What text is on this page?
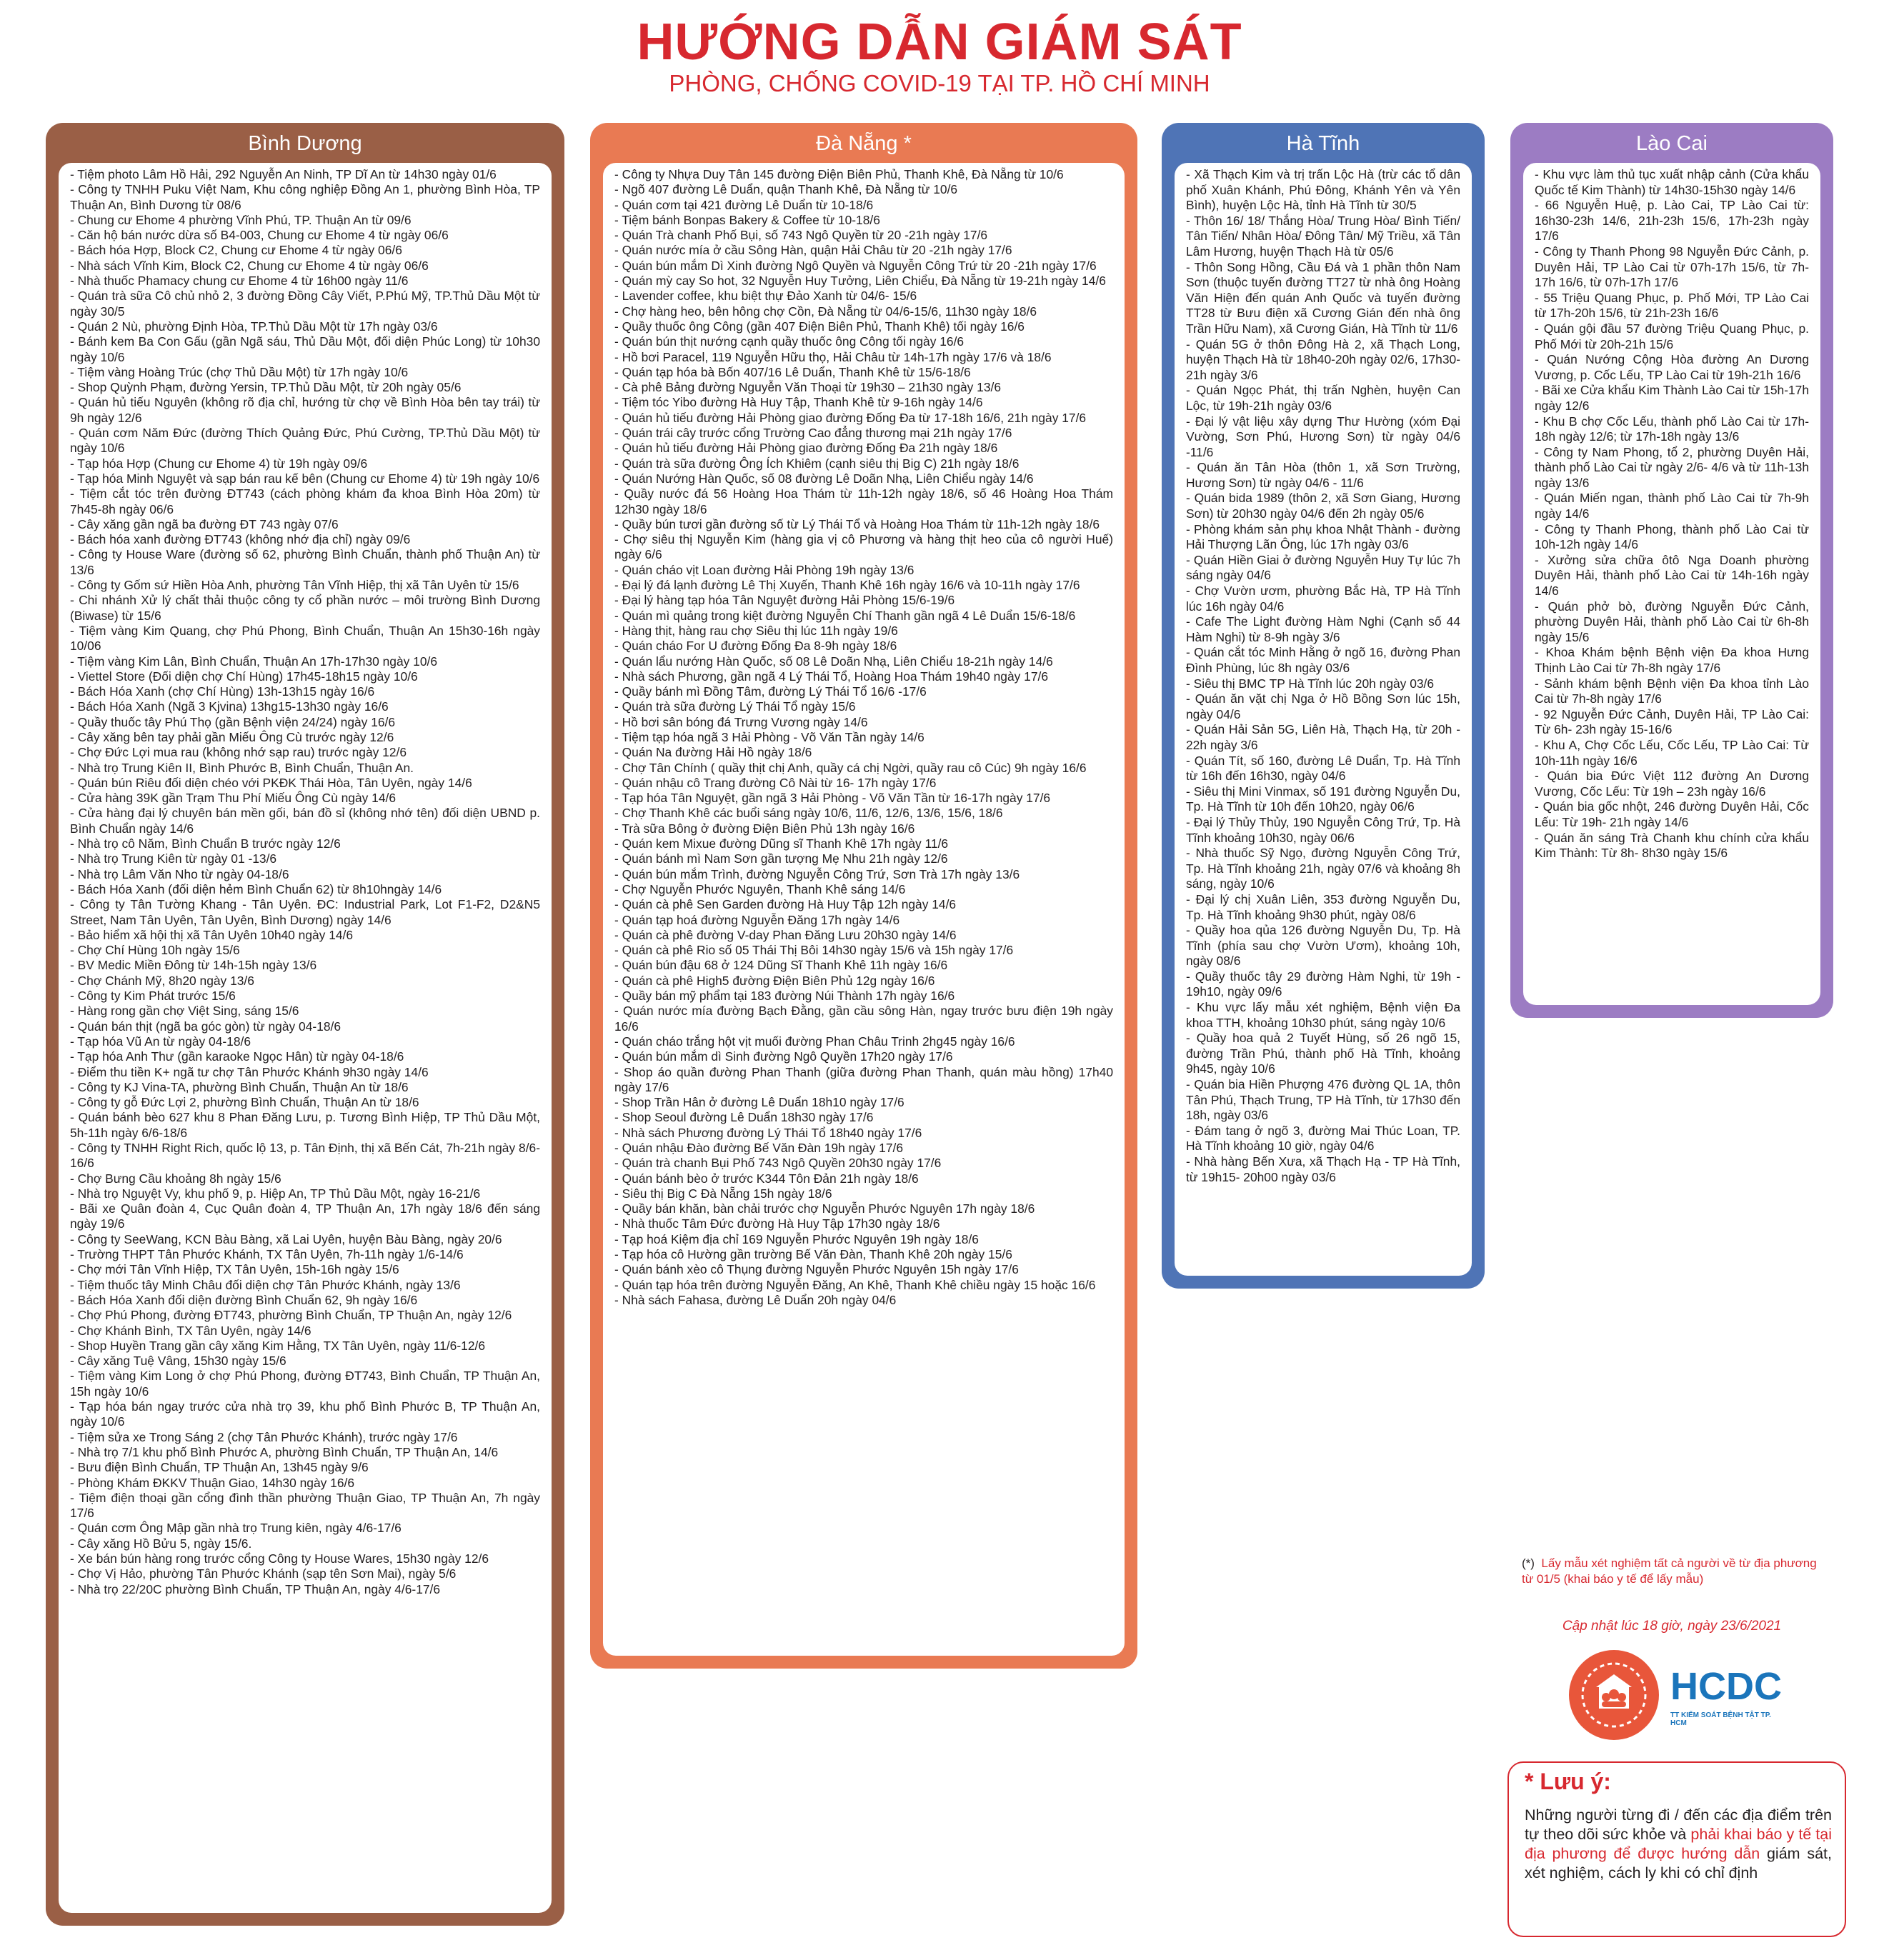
HƯỚNG DẪN GIÁM SÁT
PHÒNG, CHỐNG COVID-19 TẠI TP. HỒ CHÍ MINH
Bình Dương
- Tiệm photo Lâm Hồ Hải, 292 Nguyễn An Ninh, TP Dĩ An từ 14h30 ngày 01/6
- Công ty TNHH Puku Việt Nam, Khu công nghiệp Đồng An 1, phường Bình Hòa, TP Thuận An, Bình Dương từ 08/6
- Chung cư Ehome 4 phường Vĩnh Phú, TP. Thuận An từ 09/6
- Căn hộ bán nước dừa số B4-003, Chung cư Ehome 4 từ ngày 06/6
- Bách hóa Hợp, Block C2, Chung cư Ehome 4 từ ngày 06/6
- Nhà sách Vĩnh Kim, Block C2, Chung cư Ehome 4 từ ngày 06/6
- Nhà thuốc Phamacy chung cư Ehome 4 từ 16h00 ngày 11/6
- Quán trà sữa Cô chủ nhỏ 2, 3 đường Đồng Cây Viết, P.Phú Mỹ, TP.Thủ Dầu Một từ ngày 30/5
- Quán 2 Nù, phường Định Hòa, TP.Thủ Dầu Một từ 17h ngày 03/6
- Bánh kem Ba Con Gấu (gần Ngã sáu, Thủ Dầu Một, đối diện Phúc Long) từ 10h30 ngày 10/6
- Tiệm vàng Hoàng Trúc (chợ Thủ Dầu Một) từ 17h ngày 10/6
- Shop Quỳnh Phạm, đường Yersin, TP.Thủ Dầu Một, từ 20h ngày 05/6
- Quán hủ tiếu Nguyên (không rõ địa chỉ, hướng từ chợ về Bình Hòa bên tay trái) từ 9h ngày 12/6
- Quán cơm Năm Đức (đường Thích Quảng Đức, Phú Cường, TP.Thủ Dầu Một) từ ngày 10/6
- Tạp hóa Hợp (Chung cư Ehome 4) từ 19h ngày 09/6
- Tạp hóa Minh Nguyệt và sạp bán rau kế bên (Chung cư Ehome 4) từ 19h ngày 10/6
- Tiệm cắt tóc trên đường ĐT743 (cách phòng khám đa khoa Bình Hòa 20m) từ 7h45-8h ngày 06/6
- Cây xăng gần ngã ba đường ĐT 743 ngày 07/6
- Bách hóa xanh đường ĐT743 (không nhớ địa chỉ) ngày 09/6
- Công ty House Ware (đường số 62, phường Bình Chuẩn, thành phố Thuận An) từ 13/6
- Công ty Gốm sứ Hiền Hòa Anh, phường Tân Vĩnh Hiệp, thị xã Tân Uyên từ 15/6
- Chi nhánh Xử lý chất thải thuộc công ty cổ phần nước – môi trường Bình Dương (Biwase) từ 15/6
- Tiệm vàng Kim Quang, chợ Phú Phong, Bình Chuẩn, Thuận An 15h30-16h ngày 10/06
- Tiệm vàng Kim Lân, Bình Chuẩn, Thuận An 17h-17h30 ngày 10/6
- Viettel Store (Đối diện chợ Chí Hùng) 17h45-18h15 ngày 10/6
- Bách Hóa Xanh (chợ Chí Hùng) 13h-13h15 ngày 16/6
- Bách Hóa Xanh (Ngã 3 Kjvina) 13hg15-13h30 ngày 16/6
- Quầy thuốc tây Phú Thọ (gần Bệnh viện 24/24) ngày 16/6
- Cây xăng bên tay phải gần Miếu Ông Cù trước ngày 12/6
- Chợ Đức Lợi mua rau (không nhớ sạp rau) trước ngày 12/6
- Nhà trọ Trung Kiên II, Bình Phước B, Bình Chuẩn, Thuận An.
- Quán bún Riêu đối diện chéo với PKĐK Thái Hòa, Tân Uyên, ngày 14/6
- Cửa hàng 39K gần Trạm Thu Phí Miếu Ông Cù ngày 14/6
- Cửa hàng đại lý chuyên bán mền gối, bán đồ sỉ (không nhớ tên) đối diện UBND p. Bình Chuẩn ngày 14/6
- Nhà trọ cô Năm, Bình Chuẩn B trước ngày 12/6
- Nhà trọ Trung Kiên từ ngày 01 -13/6
- Nhà trọ Lâm Văn Nho từ ngày 04-18/6
- Bách Hóa Xanh (đối diện hẻm Bình Chuẩn 62) từ 8h10hngày 14/6
- Công ty Tân Tường Khang - Tân Uyên. ĐC: Industrial Park, Lot F1-F2, D2&N5 Street, Nam Tân Uyên, Tân Uyên, Bình Dương) ngày 14/6
- Bảo hiểm xã hội thị xã Tân Uyên 10h40 ngày 14/6
- Chợ Chí Hùng 10h ngày 15/6
- BV Medic Miền Đông từ 14h-15h ngày 13/6
- Chợ Chánh Mỹ, 8h20 ngày 13/6
- Công ty Kim Phát trước 15/6
- Hàng rong gần chợ Việt Sing, sáng 15/6
- Quán bán thịt (ngã ba góc gòn) từ ngày 04-18/6
- Tạp hóa Vũ An từ ngày 04-18/6
- Tạp hóa Anh Thư (gần karaoke Ngọc Hân) từ ngày 04-18/6
- Điểm thu tiền K+ ngã tư chợ Tân Phước Khánh 9h30 ngày 14/6
- Công ty KJ Vina-TA, phường Bình Chuẩn, Thuận An từ 18/6
- Công ty gỗ Đức Lợi 2, phường Bình Chuẩn, Thuận An từ 18/6
- Quán bánh bèo 627 khu 8 Phan Đăng Lưu, p. Tương Bình Hiệp, TP Thủ Dầu Một, 5h-11h ngày 6/6-18/6
- Công ty TNHH Right Rich, quốc lộ 13, p. Tân Định, thị xã Bến Cát, 7h-21h ngày 8/6-16/6
- Chợ Bưng Cầu khoảng 8h ngày 15/6
- Nhà trọ Nguyệt Vy, khu phố 9, p. Hiệp An, TP Thủ Dầu Một, ngày 16-21/6
- Bãi xe Quân đoàn 4, Cục Quân đoàn 4, TP Thuận An, 17h ngày 18/6 đến sáng ngày 19/6
- Công ty SeeWang, KCN Bàu Bàng, xã Lai Uyên, huyện Bàu Bàng, ngày 20/6
- Trường THPT Tân Phước Khánh, TX Tân Uyên, 7h-11h ngày 1/6-14/6
- Chợ mới Tân Vĩnh Hiệp, TX Tân Uyên, 15h-16h ngày 15/6
- Tiệm thuốc tây Minh Châu đối diện chợ Tân Phước Khánh, ngày 13/6
- Bách Hóa Xanh đối diện đường Bình Chuẩn 62, 9h ngày 16/6
- Chợ Phú Phong, đường ĐT743, phường Bình Chuẩn, TP Thuận An, ngày 12/6
- Chợ Khánh Bình, TX Tân Uyên, ngày 14/6
- Shop Huyền Trang gần cây xăng Kim Hằng, TX Tân Uyên, ngày 11/6-12/6
- Cây xăng Tuệ Vâng, 15h30 ngày 15/6
- Tiệm vàng Kim Long ở chợ Phú Phong, đường ĐT743, Bình Chuẩn, TP Thuận An, 15h ngày 10/6
- Tạp hóa bán ngay trước cửa nhà trọ 39, khu phố Bình Phước B, TP Thuận An, ngày 10/6
- Tiệm sửa xe Trong Sáng 2 (chợ Tân Phước Khánh), trước ngày 17/6
- Nhà trọ 7/1 khu phố Bình Phước A, phường Bình Chuẩn, TP Thuận An, 14/6
- Bưu điện Bình Chuẩn, TP Thuận An, 13h45 ngày 9/6
- Phòng Khám ĐKKV Thuận Giao, 14h30 ngày 16/6
- Tiệm điện thoại gần cổng đình thần phường Thuận Giao, TP Thuận An, 7h ngày 17/6
- Quán cơm Ông Mập gần nhà trọ Trung kiên, ngày 4/6-17/6
- Cây xăng Hồ Bửu 5, ngày 15/6.
- Xe bán bún hàng rong trước cổng Công ty House Wares, 15h30 ngày 12/6
- Chợ Vị Hảo, phường Tân Phước Khánh (sạp tên Sơn Mai), ngày 5/6
- Nhà trọ 22/20C phường Bình Chuẩn, TP Thuận An, ngày 4/6-17/6
Đà Nẵng *
- Công ty Nhựa Duy Tân 145 đường Điện Biên Phủ, Thanh Khê, Đà Nẵng từ 10/6
- Ngõ 407 đường Lê Duẩn, quận Thanh Khê, Đà Nẵng từ 10/6
- Quán cơm tại 421 đường Lê Duẩn từ 10-18/6
- Tiệm bánh Bonpas Bakery & Coffee từ 10-18/6
- Quán Trà chanh Phố Bụi, số 743 Ngô Quyền từ 20 -21h ngày 17/6
- Quán nước mía ở cầu Sông Hàn, quận Hải Châu từ 20 -21h ngày 17/6
- Quán bún mắm Dì Xinh đường Ngô Quyền và Nguyễn Công Trứ từ 20 -21h ngày 17/6
- Quán mỳ cay So hot, 32 Nguyễn Huy Tưởng, Liên Chiểu, Đà Nẵng từ 19-21h ngày 14/6
- Lavender coffee, khu biệt thự Đảo Xanh từ 04/6- 15/6
- Chợ hàng heo, bên hông chợ Cồn, Đà Nẵng từ 04/6-15/6, 11h30 ngày 18/6
- Quầy thuốc ông Công (gần 407 Điện Biên Phủ, Thanh Khê) tối ngày 16/6
- Quán bún thịt nướng cạnh quầy thuốc ông Công tối ngày 16/6
- Hồ bơi Paracel, 119 Nguyễn Hữu thọ, Hải Châu từ 14h-17h ngày 17/6 và 18/6
- Quán tạp hóa bà Bốn 407/16 Lê Duẩn, Thanh Khê từ 15/6-18/6
- Cà phê Bảng đường Nguyễn Văn Thoại từ 19h30 – 21h30 ngày 13/6
- Tiệm tóc Yibo đường Hà Huy Tập, Thanh Khê từ 9-16h ngày 14/6
- Quán hủ tiếu đường Hải Phòng giao đường Đống Đa từ 17-18h 16/6, 21h ngày 17/6
- Quán trái cây trước cổng Trường Cao đẳng thương mại 21h ngày 17/6
- Quán hủ tiếu đường Hải Phòng giao đường Đống Đa 21h ngày 18/6
- Quán trà sữa đường Ông Ích Khiêm (cạnh siêu thị Big C) 21h ngày 18/6
- Quán Nướng Hàn Quốc, số 08 đường Lê Doãn Nhạ, Liên Chiểu ngày 14/6
- Quầy nước đá 56 Hoàng Hoa Thám từ 11h-12h ngày 18/6, số 46 Hoàng Hoa Thám 12h30 ngày 18/6
- Quầy bún tươi gần đường số từ Lý Thái Tổ và Hoàng Hoa Thám từ 11h-12h ngày 18/6
- Chợ siêu thị Nguyễn Kim (hàng gia vị cô Phương và hàng thịt heo của cô người Huế) ngày 6/6
- Quán cháo vịt Loan đường Hải Phòng 19h ngày 13/6
- Đại lý đá lạnh đường Lê Thị Xuyến, Thanh Khê 16h ngày 16/6 và 10-11h ngày 17/6
- Đại lý hàng tạp hóa Tân Nguyệt đường Hải Phòng 15/6-19/6
- Quán mì quảng trong kiệt đường Nguyễn Chí Thanh gần ngã 4 Lê Duẩn 15/6-18/6
- Hàng thịt, hàng rau chợ Siêu thị lúc 11h ngày 19/6
- Quán cháo For U đường Đống Đa 8-9h ngày 18/6
- Quán lẩu nướng Hàn Quốc, số 08 Lê Doãn Nhạ, Liên Chiểu 18-21h ngày 14/6
- Nhà sách Phương, gần ngã 4 Lý Thái Tổ, Hoàng Hoa Thám 19h40 ngày 17/6
- Quầy bánh mì Đồng Tâm, đường Lý Thái Tổ 16/6 -17/6
- Quán trà sữa đường Lý Thái Tổ ngày 15/6
- Hồ bơi sân bóng đá Trưng Vương ngày 14/6
- Tiệm tạp hóa ngã 3 Hải Phòng - Võ Văn Tần ngày 14/6
- Quán Na đường Hải Hồ ngày 18/6
- Chợ Tân Chính ( quầy thịt chị Anh, quầy cá chị Ngời, quầy rau cô Cúc) 9h ngày 16/6
- Quán nhậu cô Trang đường Cô Nài từ 16- 17h ngày 17/6
- Tạp hóa Tân Nguyệt, gần ngã 3 Hải Phòng - Võ Văn Tần từ 16-17h ngày 17/6
- Chợ Thanh Khê các buổi sáng ngày 10/6, 11/6, 12/6, 13/6, 15/6, 18/6
- Trà sữa Bông ở đường Điện Biên Phủ 13h ngày 16/6
- Quán kem Mixue đường Dũng sĩ Thanh Khê 17h ngày 11/6
- Quán bánh mì Nam Sơn gần tượng Mẹ Nhu 21h ngày 12/6
- Quán bún mắm Trình, đường Nguyễn Công Trứ, Sơn Trà 17h ngày 13/6
- Chợ Nguyễn Phước Nguyên, Thanh Khê sáng 14/6
- Quán cà phê Sen Garden đường Hà Huy Tập 12h ngày 14/6
- Quán tạp hoá đường Nguyễn Đăng 17h ngày 14/6
- Quán cà phê đường V-day Phan Đăng Lưu 20h30 ngày 14/6
- Quán cà phê Rio số 05 Thái Thị Bôi 14h30 ngày 15/6 và 15h ngày 17/6
- Quán bún đậu 68 ở 124 Dũng Sĩ Thanh Khê 11h ngày 16/6
- Quán cà phê High5 đường Điện Biên Phủ 12g ngày 16/6
- Quầy bán mỹ phẩm tại 183 đường Núi Thành 17h ngày 16/6
- Quán nước mía đường Bạch Đằng, gần cầu sông Hàn, ngay trước bưu điện 19h ngày 16/6
- Quán cháo trắng hột vịt muối đường Phan Châu Trinh 2hg45 ngày 16/6
- Quán bún mắm dì Sinh đường Ngô Quyền 17h20 ngày 17/6
- Shop áo quần đường Phan Thanh (giữa đường Phan Thanh, quán màu hồng) 17h40 ngày 17/6
- Shop Trần Hân ở đường Lê Duẩn 18h10 ngày 17/6
- Shop Seoul đường Lê Duẩn 18h30 ngày 17/6
- Nhà sách Phương đường Lý Thái Tổ 18h40 ngày 17/6
- Quán nhậu Đào đường Bế Văn Đàn 19h ngày 17/6
- Quán trà chanh Bụi Phố 743 Ngô Quyền 20h30 ngày 17/6
- Quán bánh bèo ở trước K344 Tôn Đản 21h ngày 18/6
- Siêu thị Big C Đà Nẵng 15h ngày 18/6
- Quầy bán khăn, bàn chải trước chợ Nguyễn Phước Nguyên 17h ngày 18/6
- Nhà thuốc Tâm Đức đường Hà Huy Tập 17h30 ngày 18/6
- Tạp hoá Kiệm địa chỉ 169 Nguyễn Phước Nguyên 19h ngày 18/6
- Tạp hóa cô Hường gần trường Bế Văn Đàn, Thanh Khê 20h ngày 15/6
- Quán bánh xèo cô Thụng đường Nguyễn Phước Nguyên 15h ngày 17/6
- Quán tạp hóa trên đường Nguyễn Đăng, An Khê, Thanh Khê chiều ngày 15 hoặc 16/6
- Nhà sách Fahasa, đường Lê Duẩn 20h ngày 04/6
Hà Tĩnh
- Xã Thạch Kim và trị trấn Lộc Hà (trừ các tổ dân phố Xuân Khánh, Phú Đông, Khánh Yên và Yên Bình), huyện Lộc Hà, tỉnh Hà Tĩnh từ 30/5
- Thôn 16/ 18/ Thắng Hòa/ Trung Hòa/ Bình Tiến/ Tân Tiến/ Nhân Hòa/ Đông Tân/ Mỹ Triều, xã Tân Lâm Hương, huyện Thạch Hà từ 05/6
- Thôn Song Hồng, Cầu Đá và 1 phần thôn Nam Sơn (thuộc tuyến đường TT27 từ nhà ông Hoàng Văn Hiện đến quán Anh Quốc và tuyến đường TT28 từ Bưu điện xã Cương Gián đến nhà ông Trần Hữu Nam), xã Cương Gián, Hà Tĩnh từ 11/6
- Quán 5G ở thôn Đông Hà 2, xã Thạch Long, huyện Thạch Hà từ 18h40-20h ngày 02/6, 17h30- 21h ngày 3/6
- Quán Ngọc Phát, thị trấn Nghèn, huyện Can Lộc, từ 19h-21h ngày 03/6
- Đại lý vật liệu xây dựng Thư Hường (xóm Đại Vường, Sơn Phú, Hương Sơn) từ ngày 04/6 -11/6
- Quán ăn Tân Hòa (thôn 1, xã Sơn Trường, Hương Sơn) từ ngày 04/6 - 11/6
- Quán bida 1989 (thôn 2, xã Sơn Giang, Hương Sơn) từ 20h30 ngày 04/6 đến 2h ngày 05/6
- Phòng khám sản phụ khoa Nhật Thành - đường Hải Thượng Lãn Ông, lúc 17h ngày 03/6
- Quán Hiền Giai ở đường Nguyễn Huy Tự lúc 7h sáng ngày 04/6
- Chợ Vườn ươm, phường Bắc Hà, TP Hà Tĩnh lúc 16h ngày 04/6
- Cafe The Light đường Hàm Nghi (Cạnh số 44 Hàm Nghi) từ 8-9h ngày 3/6
- Quán cắt tóc Minh Hằng ở ngõ 16, đường Phan Đình Phùng, lúc 8h ngày 03/6
- Siêu thị BMC TP Hà Tĩnh lúc 20h ngày 03/6
- Quán ăn vặt chị Nga ở Hồ Bồng Sơn lúc 15h, ngày 04/6
- Quán Hải Sản 5G, Liên Hà, Thạch Hạ, từ 20h - 22h ngày 3/6
- Quán Tít, số 160, đường Lê Duẩn, Tp. Hà Tĩnh từ 16h đến 16h30, ngày 04/6
- Siêu thị Mini Vinmax, số 191 đường Nguyễn Du, Tp. Hà Tĩnh từ 10h đến 10h20, ngày 06/6
- Đại lý Thủy Thủy, 190 Nguyễn Công Trứ, Tp. Hà Tĩnh khoảng 10h30, ngày 06/6
- Nhà thuốc Sỹ Ngọ, đường Nguyễn Công Trứ, Tp. Hà Tĩnh khoảng 21h, ngày 07/6 và khoảng 8h sáng, ngày 10/6
- Đại lý chị Xuân Liên, 353 đường Nguyễn Du, Tp. Hà Tĩnh khoảng 9h30 phút, ngày 08/6
- Quầy hoa qủa 126 đường Nguyễn Du, Tp. Hà Tĩnh (phía sau chợ Vườn Ươm), khoảng 10h, ngày 08/6
- Quầy thuốc tây 29 đường Hàm Nghi, từ 19h - 19h10, ngày 09/6
- Khu vực lấy mẫu xét nghiệm, Bệnh viện Đa khoa TTH, khoảng 10h30 phút, sáng ngày 10/6
- Quầy hoa quả 2 Tuyết Hùng, số 26 ngõ 15, đường Trần Phú, thành phố Hà Tĩnh, khoảng 9h45, ngày 10/6
- Quán bia Hiền Phượng 476 đường QL 1A, thôn Tân Phú, Thạch Trung, TP Hà Tĩnh, từ 17h30 đến 18h, ngày 03/6
- Đám tang ở ngõ 3, đường Mai Thúc Loan, TP. Hà Tĩnh khoảng 10 giờ, ngày 04/6
- Nhà hàng Bến Xưa, xã Thạch Hạ - TP Hà Tĩnh, từ 19h15- 20h00 ngày 03/6
Lào Cai
- Khu vực làm thủ tục xuất nhập cảnh (Cửa khẩu Quốc tế Kim Thành) từ 14h30-15h30 ngày 14/6
- 66 Nguyễn Huệ, p. Lào Cai, TP Lào Cai từ: 16h30-23h 14/6, 21h-23h 15/6, 17h-23h ngày 17/6
- Công ty Thanh Phong 98 Nguyễn Đức Cảnh, p. Duyên Hải, TP Lào Cai từ 07h-17h 15/6, từ 7h-17h 16/6, từ 07h-17h 17/6
- 55 Triệu Quang Phục, p. Phố Mới, TP Lào Cai từ 17h-20h 15/6, từ 21h-23h 16/6
- Quán gội đầu 57 đường Triệu Quang Phục, p. Phố Mới từ 20h-21h 15/6
- Quán Nướng Cộng Hòa đường An Dương Vương, p. Cốc Lếu, TP Lào Cai từ 19h-21h 16/6
- Bãi xe Cửa khẩu Kim Thành Lào Cai từ 15h-17h ngày 12/6
- Khu B chợ Cốc Lếu, thành phố Lào Cai từ 17h-18h ngày 12/6; từ 17h-18h ngày 13/6
- Công ty Nam Phong, tổ 2, phường Duyên Hải, thành phố Lào Cai từ ngày 2/6- 4/6 và từ 11h-13h ngày 13/6
- Quán Miến ngan, thành phố Lào Cai từ 7h-9h ngày 14/6
- Công ty Thanh Phong, thành phố Lào Cai từ 10h-12h ngày 14/6
- Xưởng sửa chữa ôtô Nga Doanh phường Duyên Hải, thành phố Lào Cai từ 14h-16h ngày 14/6
- Quán phở bò, đường Nguyễn Đức Cảnh, phường Duyên Hải, thành phố Lào Cai từ 6h-8h ngày 15/6
- Khoa Khám bệnh Bệnh viện Đa khoa Hưng Thịnh Lào Cai từ 7h-8h ngày 17/6
- Sảnh khám bệnh Bệnh viện Đa khoa tỉnh Lào Cai từ 7h-8h ngày 17/6
- 92 Nguyễn Đức Cảnh, Duyên Hải, TP Lào Cai: Từ 6h- 23h ngày 15-16/6
- Khu A, Chợ Cốc Lếu, Cốc Lếu, TP Lào Cai: Từ 10h-11h ngày 16/6
- Quán bia Đức Việt 112 đường An Dương Vương, Cốc Lếu: Từ 19h – 23h ngày 16/6
- Quán bia gốc nhột, 246 đường Duyên Hải, Cốc Lếu: Từ 19h- 21h ngày 14/6
- Quán ăn sáng Trà Chanh khu chính cửa khẩu Kim Thành: Từ 8h- 8h30 ngày 15/6
(*) Lấy mẫu xét nghiệm tất cả người về từ địa phương từ 01/5 (khai báo y tế để lấy mẫu)
Cập nhật lúc 18 giờ, ngày 23/6/2021
HCDC
TT KIỂM SOÁT BỆNH TẬT TP. HCM
* Lưu ý:
Những người từng đi / đến các địa điểm trên tự theo dõi sức khỏe và phải khai báo y tế tại địa phương để được hướng dẫn giám sát, xét nghiệm, cách ly khi có chỉ định
